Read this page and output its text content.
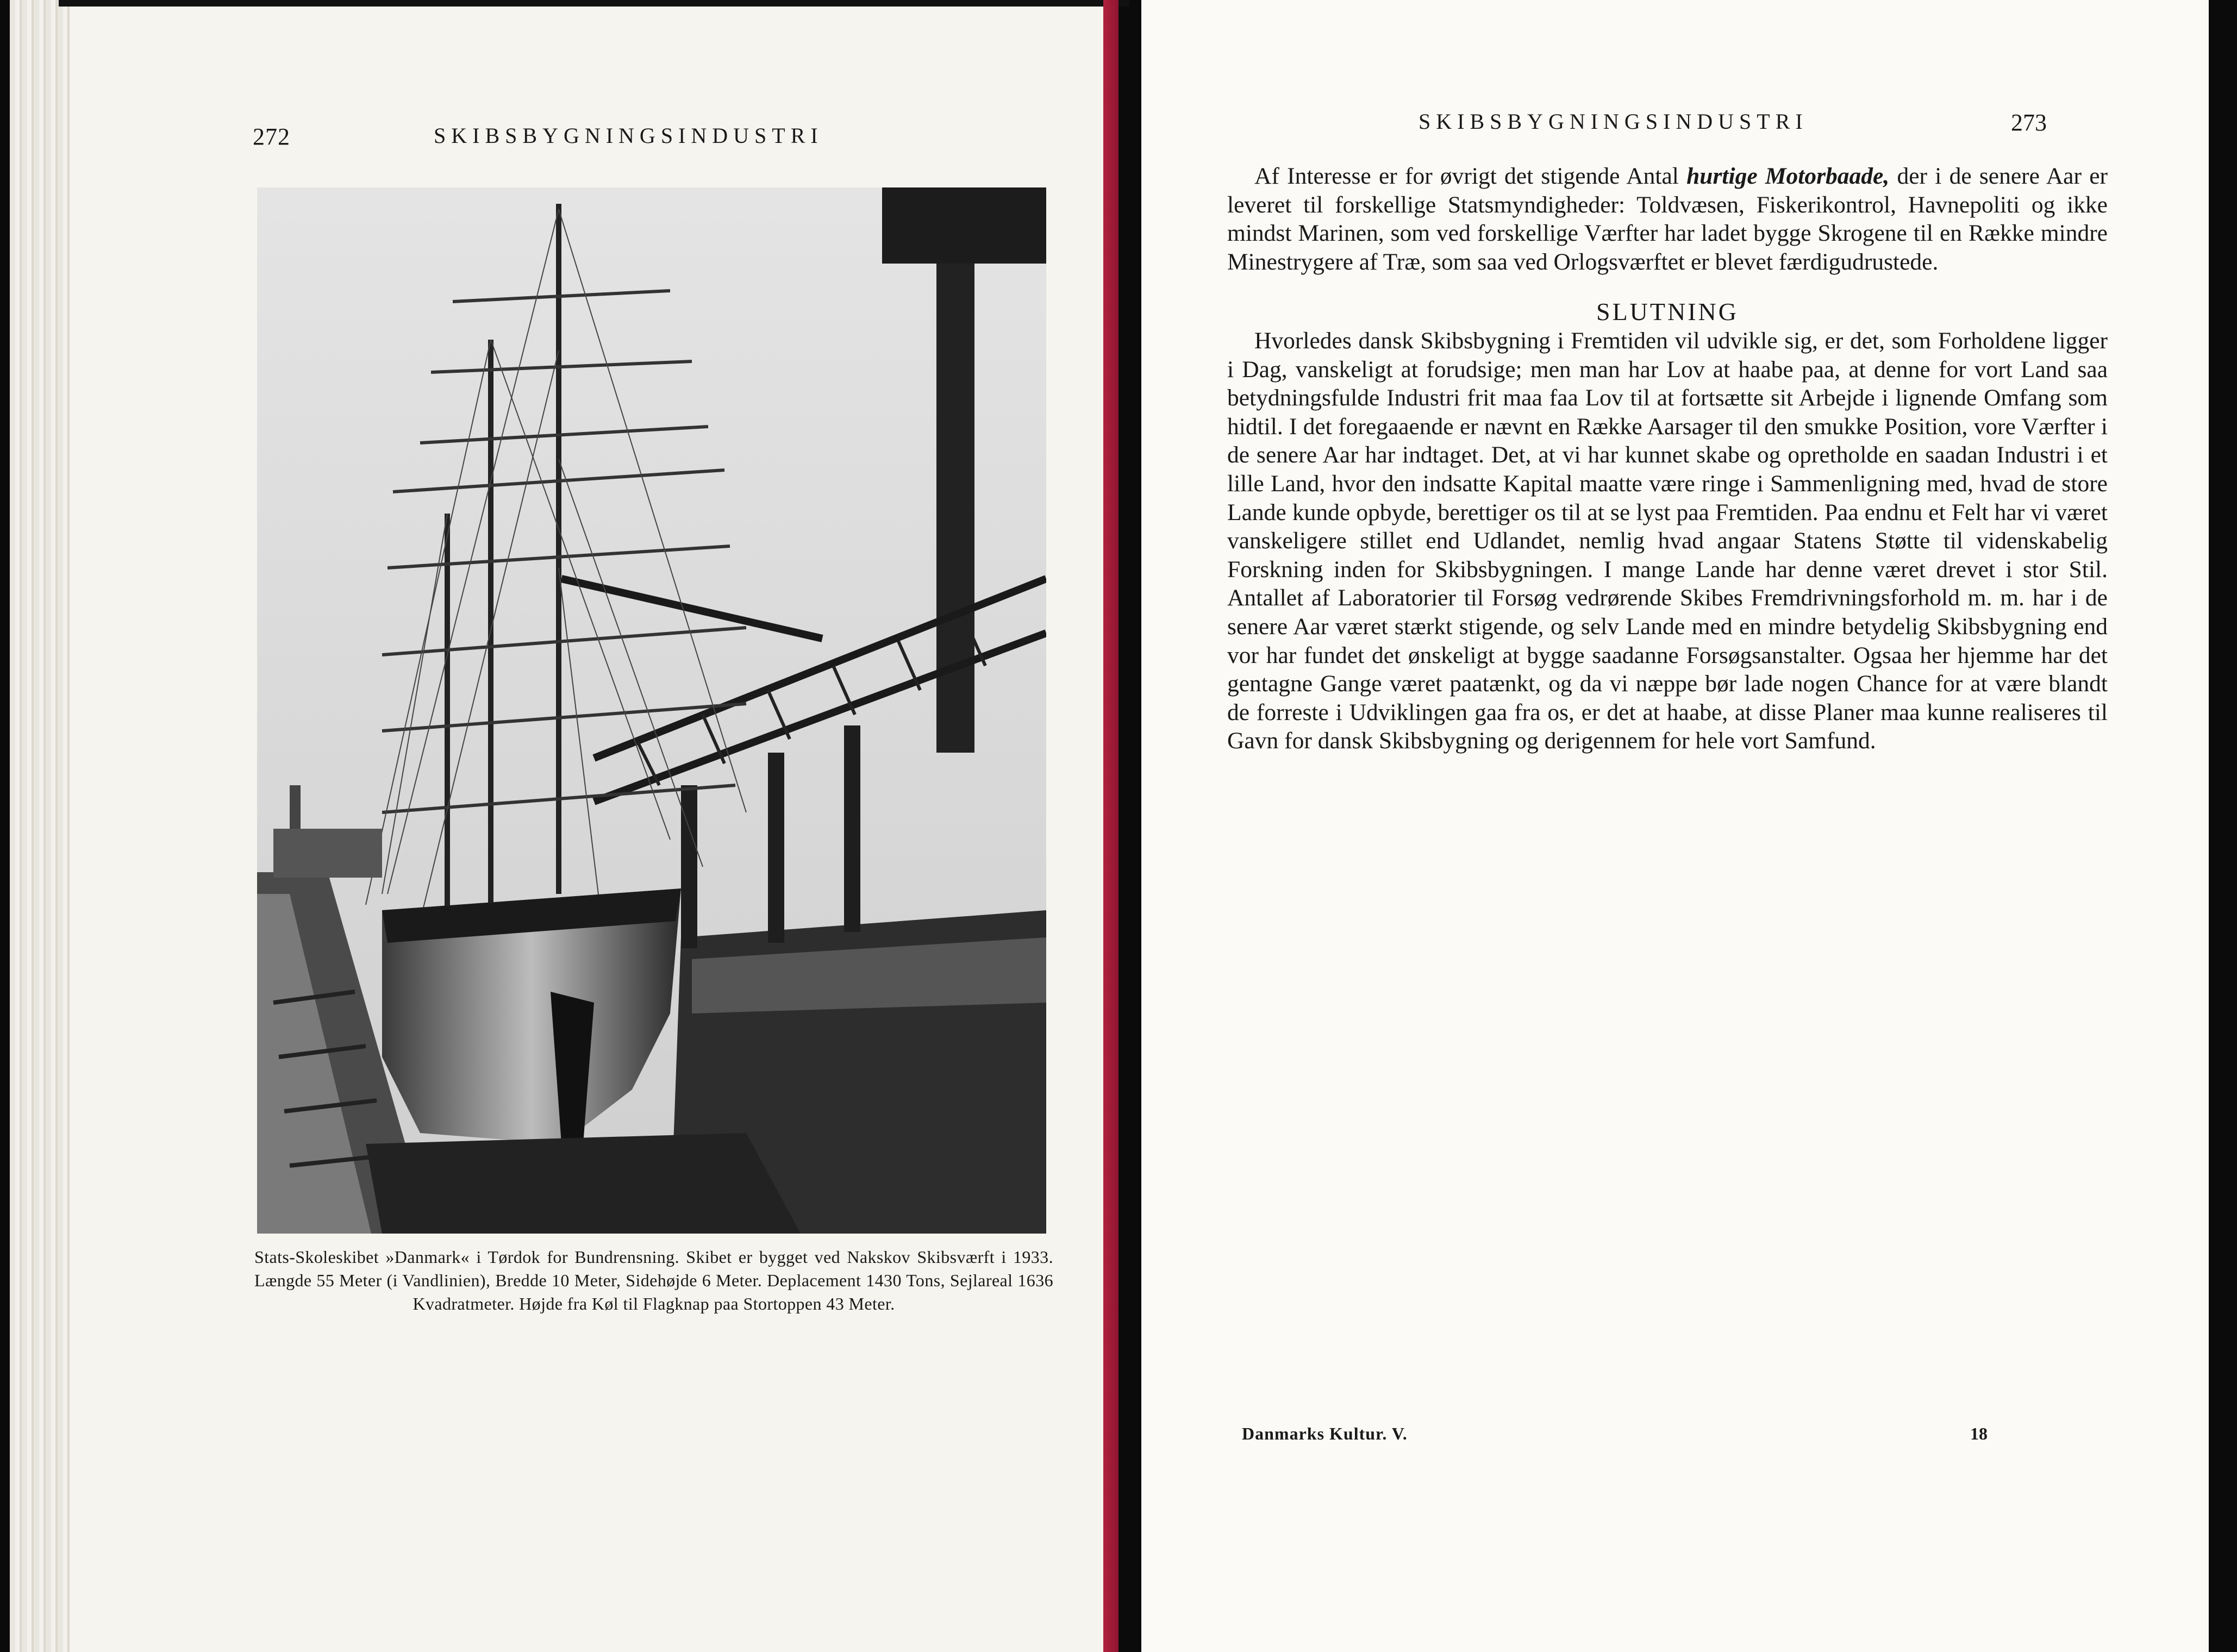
272	SKIBSBYGNINGSINDUSTRI
Stats-Skoleskibet »Danmark« i Tørdok for Bundrensning. Skibet er bygget ved Nakskov Skibsværft i 1933. Længde 55 Meter (i Vandlinien), Bredde 10 Meter, Sidehøjde 6 Meter. Deplacement 1430 Tons, Sejlareal 1636 Kvadratmeter. Højde fra Køl til Flagknap paa Stortoppen 43 Meter.
SKIBSBYGNINGSINDUSTRI	273

Af Interesse er for øvrigt det stigende Antal hurtige Motorbaade, der i de senere Aar er leveret til forskellige Statsmyndigheder: Toldvæsen, Fiskerikontrol, Havnepoliti og ikke mindst Marinen, som ved forskellige Værfter har ladet bygge Skrogene til en Række mindre Minestrygere af Træ, som saa ved Orlogsværftet er blevet færdigudrustede.

SLUTNING

Hvorledes dansk Skibsbygning i Fremtiden vil udvikle sig, er det, som Forholdene ligger i Dag, vanskeligt at forudsige; men man har Lov at haabe paa, at denne for vort Land saa betydningsfulde Industri frit maa faa Lov til at fortsætte sit Arbejde i lignende Omfang som hidtil. I det foregaaende er nævnt en Række Aarsager til den smukke Position, vore Værfter i de senere Aar har indtaget. Det, at vi har kunnet skabe og opretholde en saadan Industri i et lille Land, hvor den indsatte Kapital maatte være ringe i Sammenligning med, hvad de store Lande kunde opbyde, berettiger os til at se lyst paa Fremtiden. Paa endnu et Felt har vi været vanskeligere stillet end Udlandet, nemlig hvad angaar Statens Støtte til videnskabelig Forskning inden for Skibsbygningen. I mange Lande har denne været drevet i stor Stil. Antallet af Laboratorier til Forsøg vedrørende Skibes Fremdrivningsforhold m. m. har i de senere Aar været stærkt stigende, og selv Lande med en mindre betydelig Skibsbygning end vor har fundet det ønskeligt at bygge saadanne Forsøgsanstalter. Ogsaa her hjemme har det gentagne Gange været paatænkt, og da vi næppe bør lade nogen Chance for at være blandt de forreste i Udviklingen gaa fra os, er det at haabe, at disse Planer maa kunne realiseres til Gavn for dansk Skibsbygning og derigennem for hele vort Samfund.

Danmarks Kultur. V.	18
